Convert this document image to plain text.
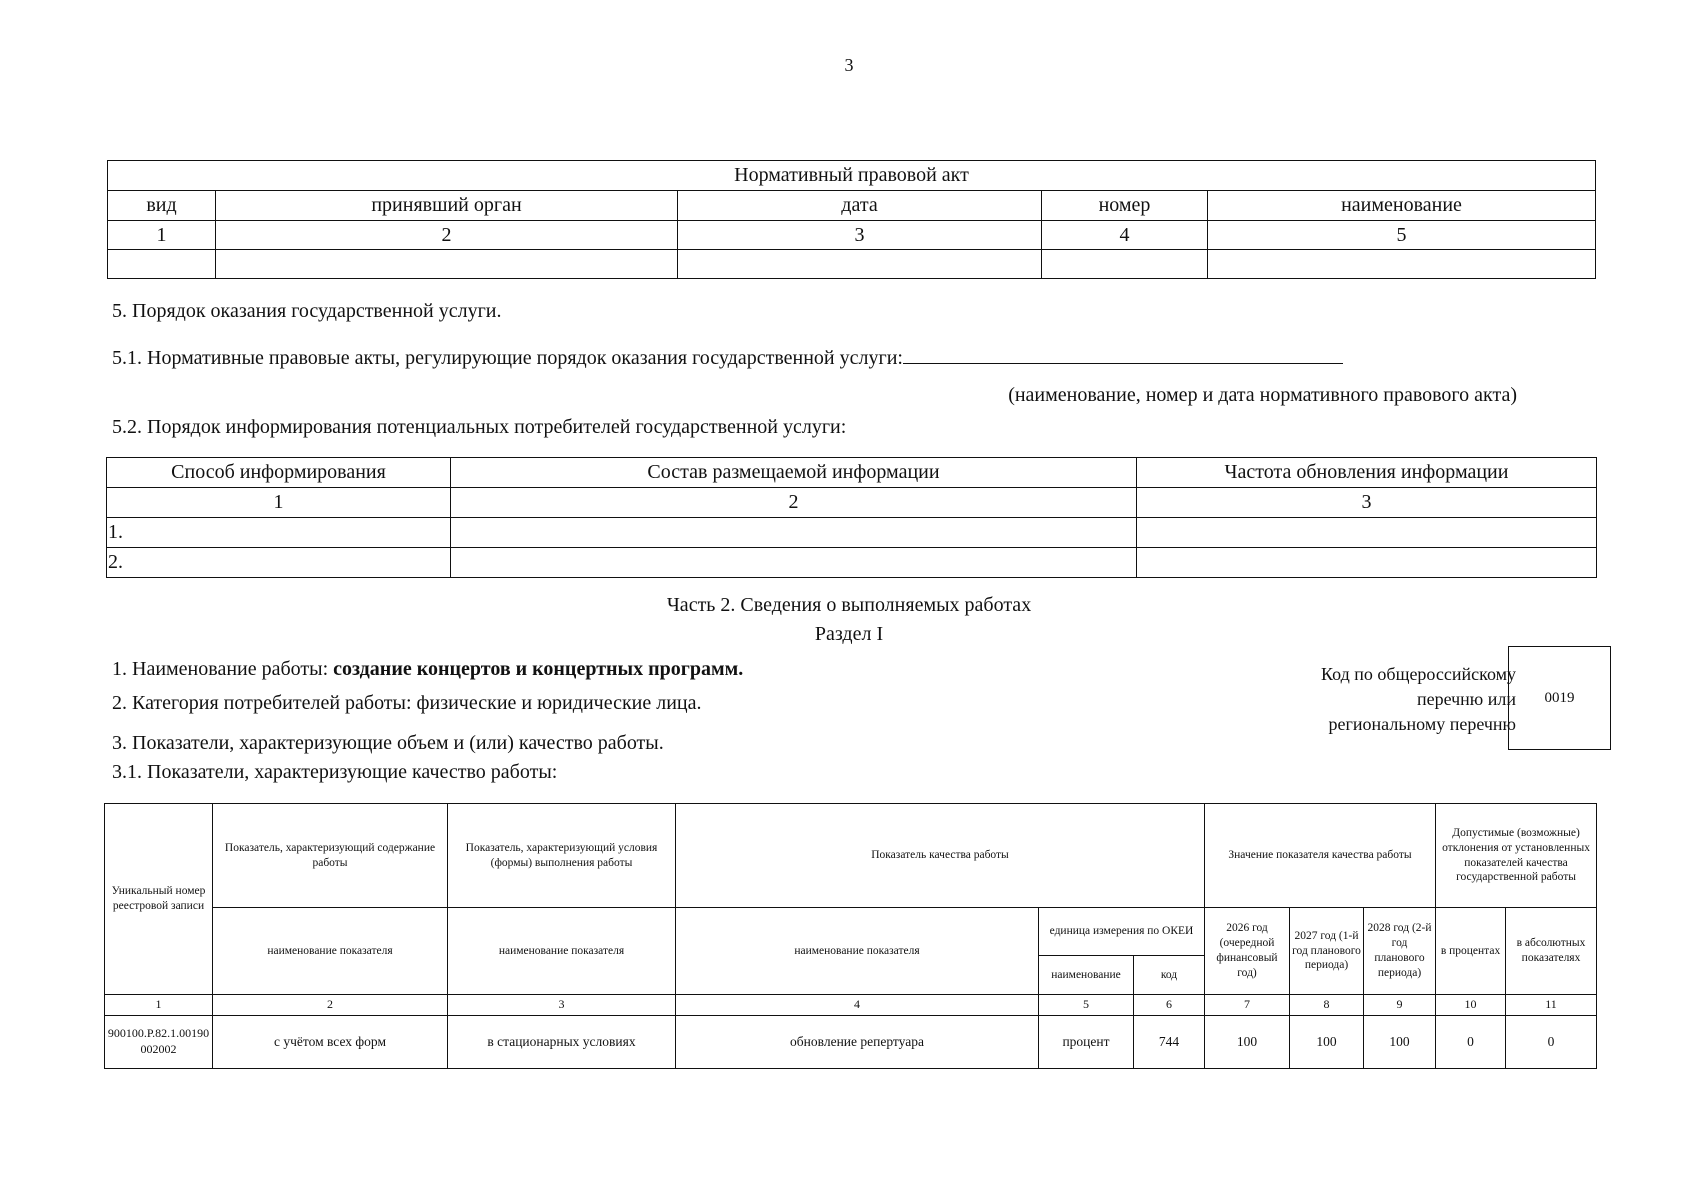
3
Нормативный правовой акт				
вид	принявший орган	дата	номер	наименование
1	2	3	4	5

5. Порядок оказания государственной услуги.
5.1. Нормативные правовые акты, регулирующие порядок оказания государственной услуги:
(наименование, номер и дата нормативного правового акта)
5.2. Порядок информирования потенциальных потребителей государственной услуги:
Способ информирования	Состав размещаемой информации	Частота обновления информации
1	2	3
1.		
2.		
Часть 2. Сведения о выполняемых работах
Раздел I
1. Наименование работы: создание концертов и концертных программ.
2. Категория потребителей работы: физические и юридические лица.
3. Показатели, характеризующие объем и (или) качество работы.
3.1. Показатели, характеризующие качество работы:
Код по общероссийскому
перечню или
региональному перечню
0019
Уникальный номер реестровой записи	Показатель, характеризующий содержание работы	Показатель, характеризующий условия (формы) выполнения работы	Показатель качества работы			Значение показателя качества работы			Допустимые (возможные) отклонения от установленных показателей качества государственной работы	
	наименование показателя	наименование показателя	наименование показателя	единица измерения по ОКЕИ		2026 год (очередной финансовый год)	2027 год (1-й год планового периода)	2028 год (2-й год планового периода)	в процентах	в абсолютных показателях
				наименование	код					
1	2	3	4	5	6	7	8	9	10	11
900100.Р.82.1.00190002002	с учётом всех форм	в стационарных условиях	обновление репертуара	процент	744	100	100	100	0	0
